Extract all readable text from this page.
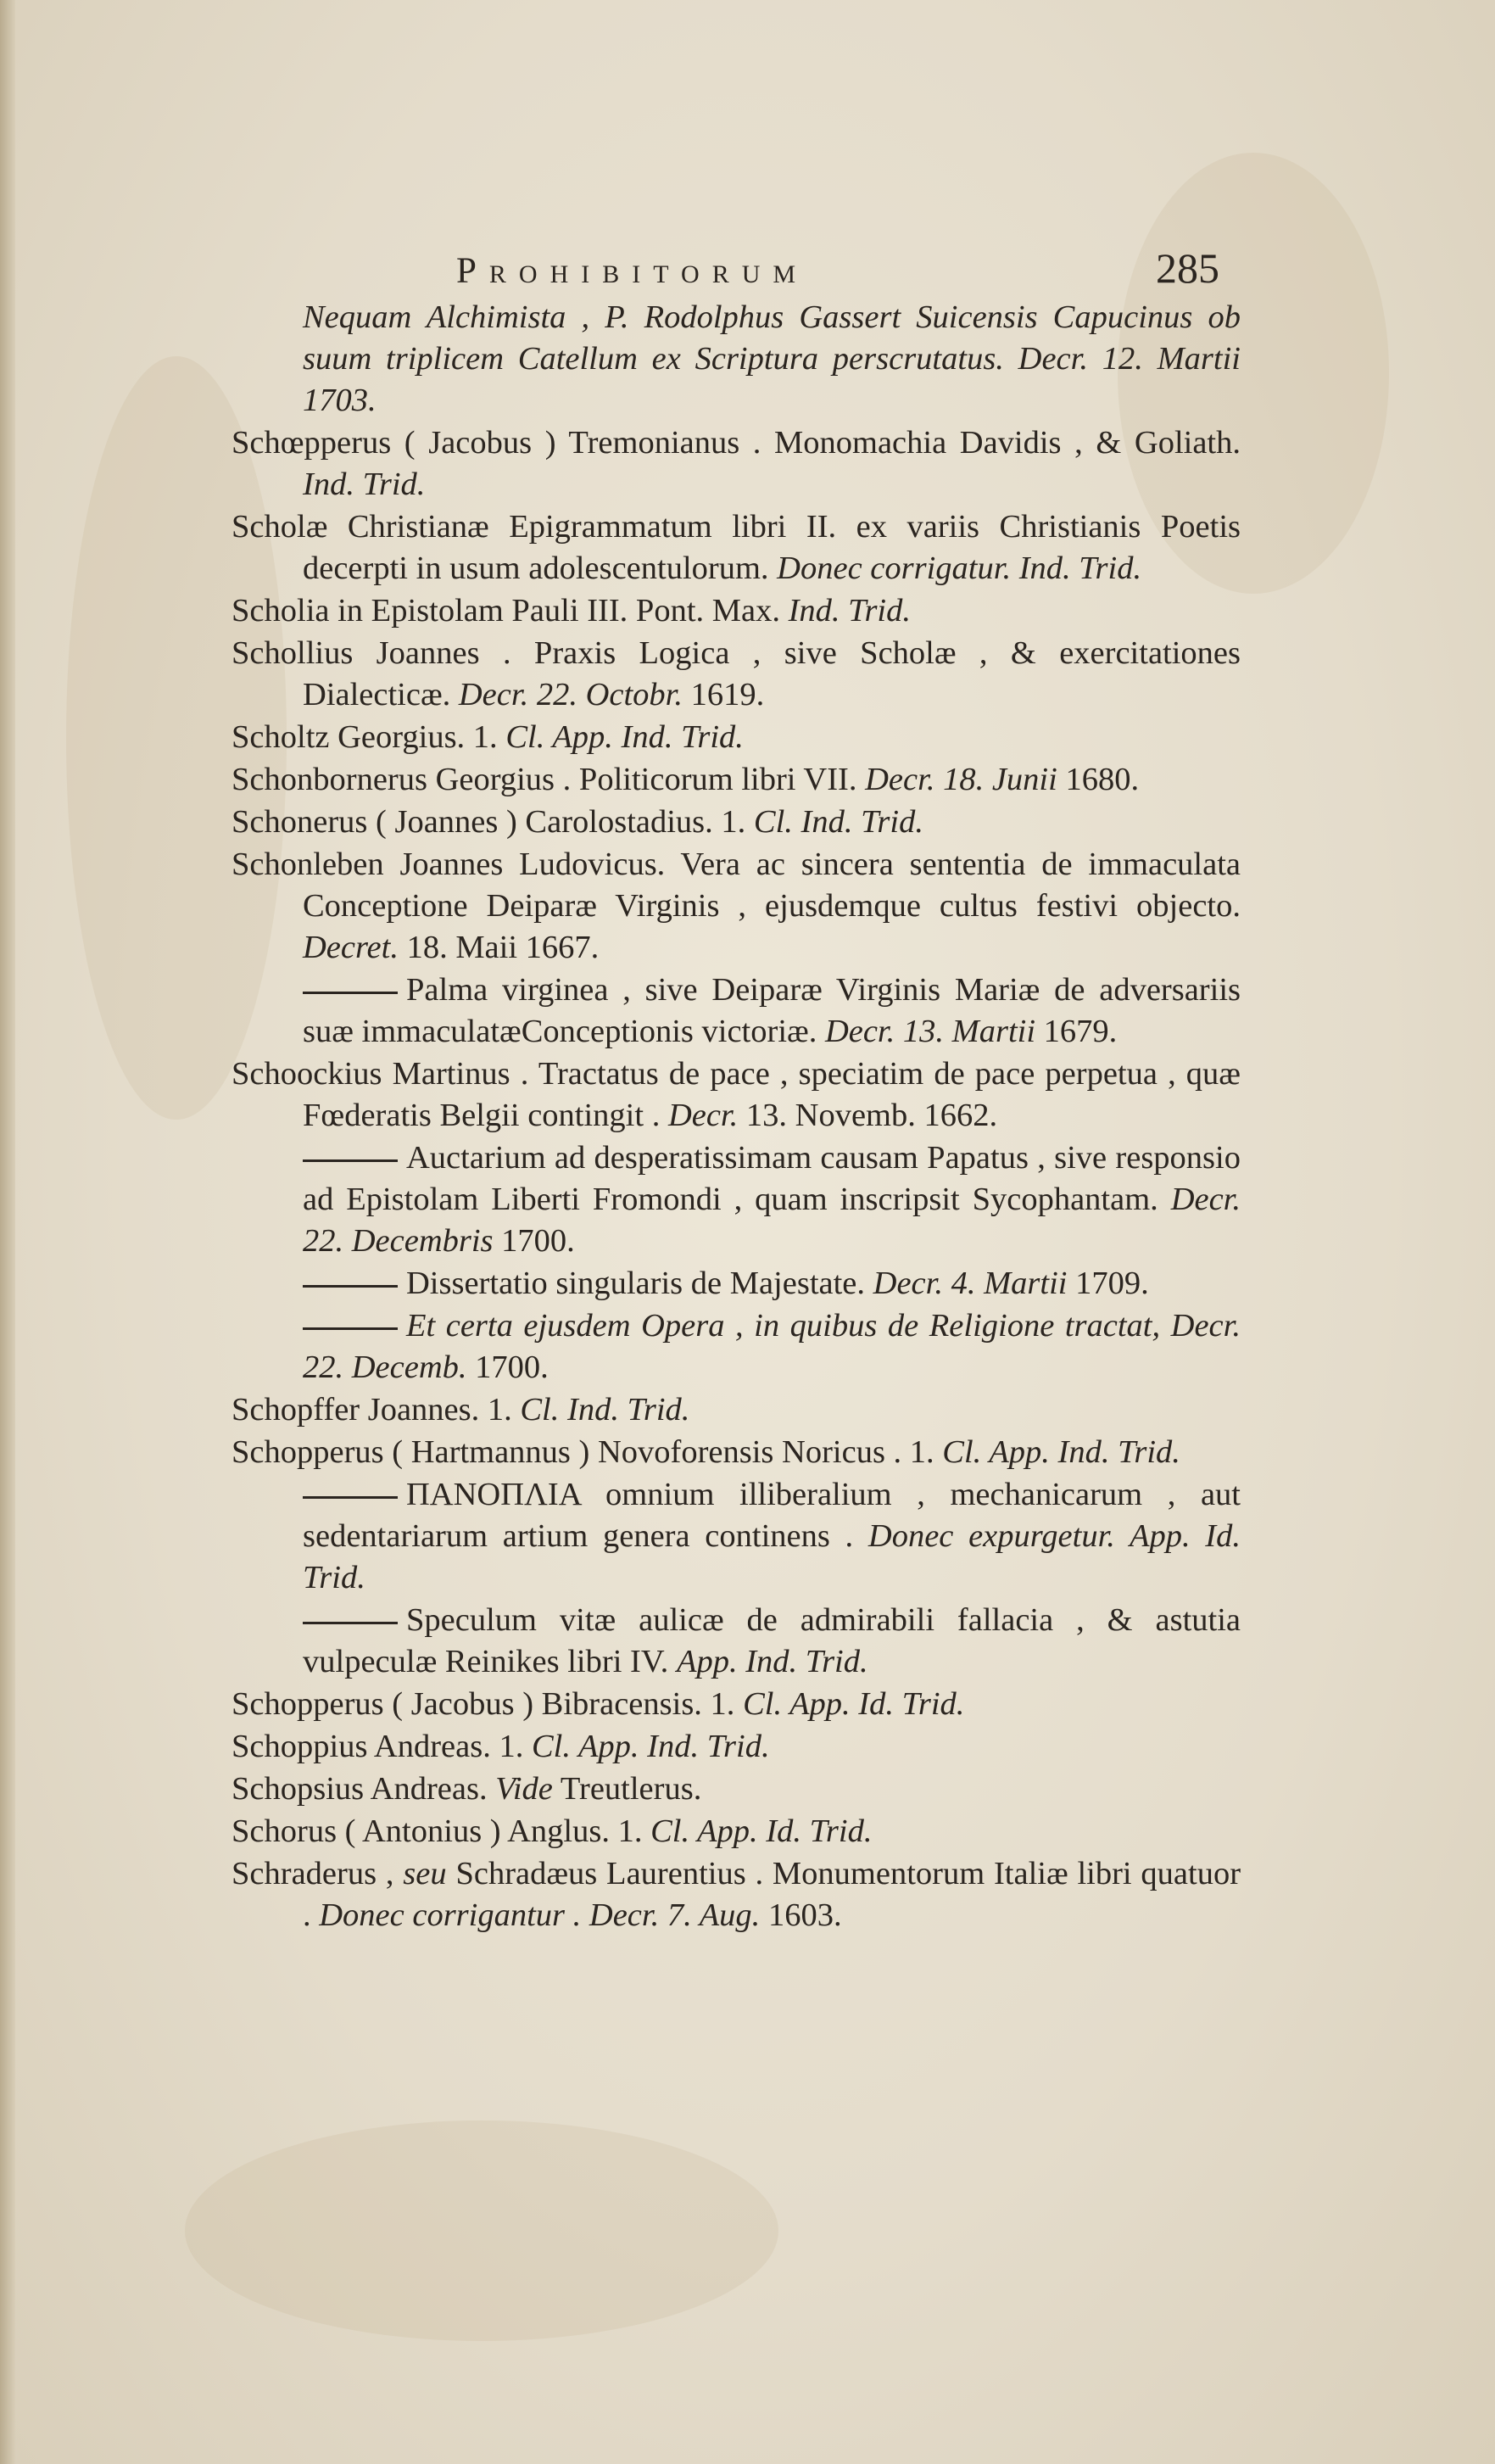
Prohibitorum	285

Nequam Alchimista , P. Rodolphus Gassert Suicensis Capucinus ob suum triplicem Catellum ex Scriptura perscrutatus. Decr. 12. Martii 1703.

Schœpperus ( Jacobus ) Tremonianus . Monomachia Davidis , & Goliath. Ind. Trid.

Scholæ Christianæ Epigrammatum libri II. ex variis Christianis Poetis decerpti in usum adolescentulorum. Donec corrigatur. Ind. Trid.

Scholia in Epistolam Pauli III. Pont. Max. Ind. Trid.

Schollius Joannes . Praxis Logica , sive Scholæ , & exercitationes Dialecticæ. Decr. 22. Octobr. 1619.

Scholtz Georgius. 1. Cl. App. Ind. Trid.

Schonbornerus Georgius . Politicorum libri VII. Decr. 18. Junii 1680.

Schonerus ( Joannes ) Carolostadius. 1. Cl. Ind. Trid.

Schonleben Joannes Ludovicus. Vera ac sincera sententia de immaculata Conceptione Deiparæ Virginis , ejusdemque cultus festivi objecto. Decret. 18. Maii 1667.

Palma virginea , sive Deiparæ Virginis Mariæ de adversariis suæ immaculatæConceptionis victoriæ. Decr. 13. Martii 1679.

Schoockius Martinus . Tractatus de pace , speciatim de pace perpetua , quæ Fœderatis Belgii contingit . Decr. 13. Novemb. 1662.

Auctarium ad desperatissimam causam Papatus , sive responsio ad Epistolam Liberti Fromondi , quam inscripsit Sycophantam. Decr. 22. Decembris 1700.

Dissertatio singularis de Majestate. Decr. 4. Martii 1709.

Et certa ejusdem Opera , in quibus de Religione tractat, Decr. 22. Decemb. 1700.

Schopffer Joannes. 1. Cl. Ind. Trid.

Schopperus ( Hartmannus ) Novoforensis Noricus . 1. Cl. App. Ind. Trid.

ΠΑΝΟΠΛΙΑ omnium illiberalium , mechanicarum , aut sedentariarum artium genera continens . Donec expurgetur. App. Id. Trid.

Speculum vitæ aulicæ de admirabili fallacia , & astutia vulpeculæ Reinikes libri IV. App. Ind. Trid.

Schopperus ( Jacobus ) Bibracensis. 1. Cl. App. Id. Trid.

Schoppius Andreas. 1. Cl. App. Ind. Trid.

Schopsius Andreas. Vide Treutlerus.

Schorus ( Antonius ) Anglus. 1. Cl. App. Id. Trid.

Schraderus , seu Schradæus Laurentius . Monumentorum Italiæ libri quatuor . Donec corrigantur . Decr. 7. Aug. 1603.
